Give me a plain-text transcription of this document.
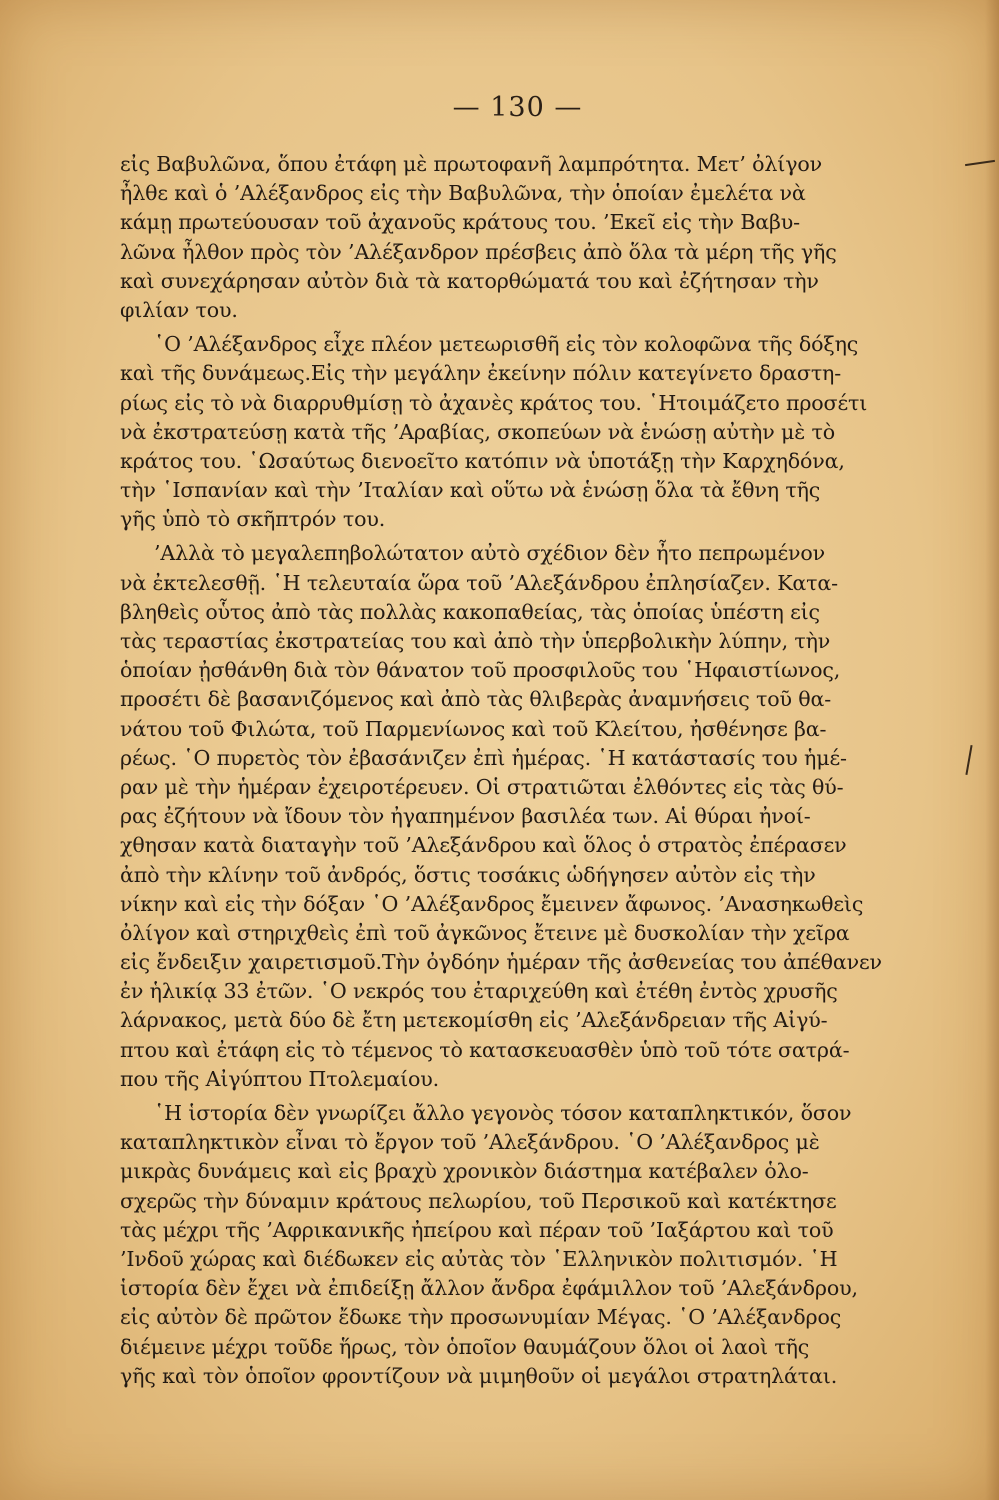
— 130 —
εἰς Βαβυλῶνα, ὅπου ἐτάφη μὲ πρωτοφανῆ λαμπρότητα. Μετ’ ὀλίγον
ἦλθε καὶ ὁ ’Αλέξανδρος εἰς τὴν Βαβυλῶνα, τὴν ὁποίαν ἐμελέτα νὰ
κάμῃ πρωτεύουσαν τοῦ ἀχανοῦς κράτους του. ’Εκεῖ εἰς τὴν Βαβυ-
λῶνα ἦλθον πρὸς τὸν ’Αλέξανδρον πρέσβεις ἀπὸ ὅλα τὰ μέρη τῆς γῆς
καὶ συνεχάρησαν αὐτὸν διὰ τὰ κατορθώματά του καὶ ἐζήτησαν τὴν
φιλίαν του.
῾Ο ’Αλέξανδρος εἶχε πλέον μετεωρισθῆ εἰς τὸν κολοφῶνα τῆς δόξης
καὶ τῆς δυνάμεως.Εἰς τὴν μεγάλην ἐκείνην πόλιν κατεγίνετο δραστη-
ρίως εἰς τὸ νὰ διαρρυθμίσῃ τὸ ἀχανὲς κράτος του. ῾Ητοιμάζετο προσέτι
νὰ ἐκστρατεύσῃ κατὰ τῆς ’Αραβίας, σκοπεύων νὰ ἑνώσῃ αὐτὴν μὲ τὸ
κράτος του. ῾Ωσαύτως διενοεῖτο κατόπιν νὰ ὑποτάξῃ τὴν Καρχηδόνα,
τὴν ῾Ισπανίαν καὶ τὴν ’Ιταλίαν καὶ οὕτω νὰ ἑνώσῃ ὅλα τὰ ἔθνη τῆς
γῆς ὑπὸ τὸ σκῆπτρόν του.
’Αλλὰ τὸ μεγαλεπηβολώτατον αὐτὸ σχέδιον δὲν ἦτο πεπρωμένον
νὰ ἐκτελεσθῇ. ῾Η τελευταία ὥρα τοῦ ’Αλεξάνδρου ἐπλησίαζεν. Κατα-
βληθεὶς οὗτος ἀπὸ τὰς πολλὰς κακοπαθείας, τὰς ὁποίας ὑπέστη εἰς
τὰς τεραστίας ἐκστρατείας του καὶ ἀπὸ τὴν ὑπερβολικὴν λύπην, τὴν
ὁποίαν ᾐσθάνθη διὰ τὸν θάνατον τοῦ προσφιλοῦς του ῾Ηφαιστίωνος,
προσέτι δὲ βασανιζόμενος καὶ ἀπὸ τὰς θλιβερὰς ἀναμνήσεις τοῦ θα-
νάτου τοῦ Φιλώτα, τοῦ Παρμενίωνος καὶ τοῦ Κλείτου, ἠσθένησε βα-
ρέως. ῾Ο πυρετὸς τὸν ἐβασάνιζεν ἐπὶ ἡμέρας. ῾Η κατάστασίς του ἡμέ-
ραν μὲ τὴν ἡμέραν ἐχειροτέρευεν. Οἱ στρατιῶται ἐλθόντες εἰς τὰς θύ-
ρας ἐζήτουν νὰ ἴδουν τὸν ἠγαπημένον βασιλέα των. Αἱ θύραι ἠνοί-
χθησαν κατὰ διαταγὴν τοῦ ’Αλεξάνδρου καὶ ὅλος ὁ στρατὸς ἐπέρασεν
ἀπὸ τὴν κλίνην τοῦ ἀνδρός, ὅστις τοσάκις ὡδήγησεν αὐτὸν εἰς τὴν
νίκην καὶ εἰς τὴν δόξαν ῾Ο ’Αλέξανδρος ἔμεινεν ἄφωνος. ’Ανασηκωθεὶς
ὀλίγον καὶ στηριχθεὶς ἐπὶ τοῦ ἀγκῶνος ἔτεινε μὲ δυσκολίαν τὴν χεῖρα
εἰς ἔνδειξιν χαιρετισμοῦ.Τὴν ὀγδόην ἡμέραν τῆς ἀσθενείας του ἀπέθανεν
ἐν ἡλικίᾳ 33 ἐτῶν. ῾Ο νεκρός του ἐταριχεύθη καὶ ἐτέθη ἐντὸς χρυσῆς
λάρνακος, μετὰ δύο δὲ ἔτη μετεκομίσθη εἰς ’Αλεξάνδρειαν τῆς Αἰγύ-
πτου καὶ ἐτάφη εἰς τὸ τέμενος τὸ κατασκευασθὲν ὑπὸ τοῦ τότε σατρά-
που τῆς Αἰγύπτου Πτολεμαίου.
῾Η ἱστορία δὲν γνωρίζει ἄλλο γεγονὸς τόσον καταπληκτικόν, ὅσον
καταπληκτικὸν εἶναι τὸ ἔργον τοῦ ’Αλεξάνδρου. ῾Ο ’Αλέξανδρος μὲ
μικρὰς δυνάμεις καὶ εἰς βραχὺ χρονικὸν διάστημα κατέβαλεν ὁλο-
σχερῶς τὴν δύναμιν κράτους πελωρίου, τοῦ Περσικοῦ καὶ κατέκτησε
τὰς μέχρι τῆς ’Αφρικανικῆς ἠπείρου καὶ πέραν τοῦ ’Ιαξάρτου καὶ τοῦ
’Ινδοῦ χώρας καὶ διέδωκεν εἰς αὐτὰς τὸν ῾Ελληνικὸν πολιτισμόν. ῾Η
ἱστορία δὲν ἔχει νὰ ἐπιδείξῃ ἄλλον ἄνδρα ἐφάμιλλον τοῦ ’Αλεξάνδρου,
εἰς αὐτὸν δὲ πρῶτον ἔδωκε τὴν προσωνυμίαν Μέγας. ῾Ο ’Αλέξανδρος
διέμεινε μέχρι τοῦδε ἥρως, τὸν ὁποῖον θαυμάζουν ὅλοι οἱ λαοὶ τῆς
γῆς καὶ τὸν ὁποῖον φροντίζουν νὰ μιμηθοῦν οἱ μεγάλοι στρατηλάται.
